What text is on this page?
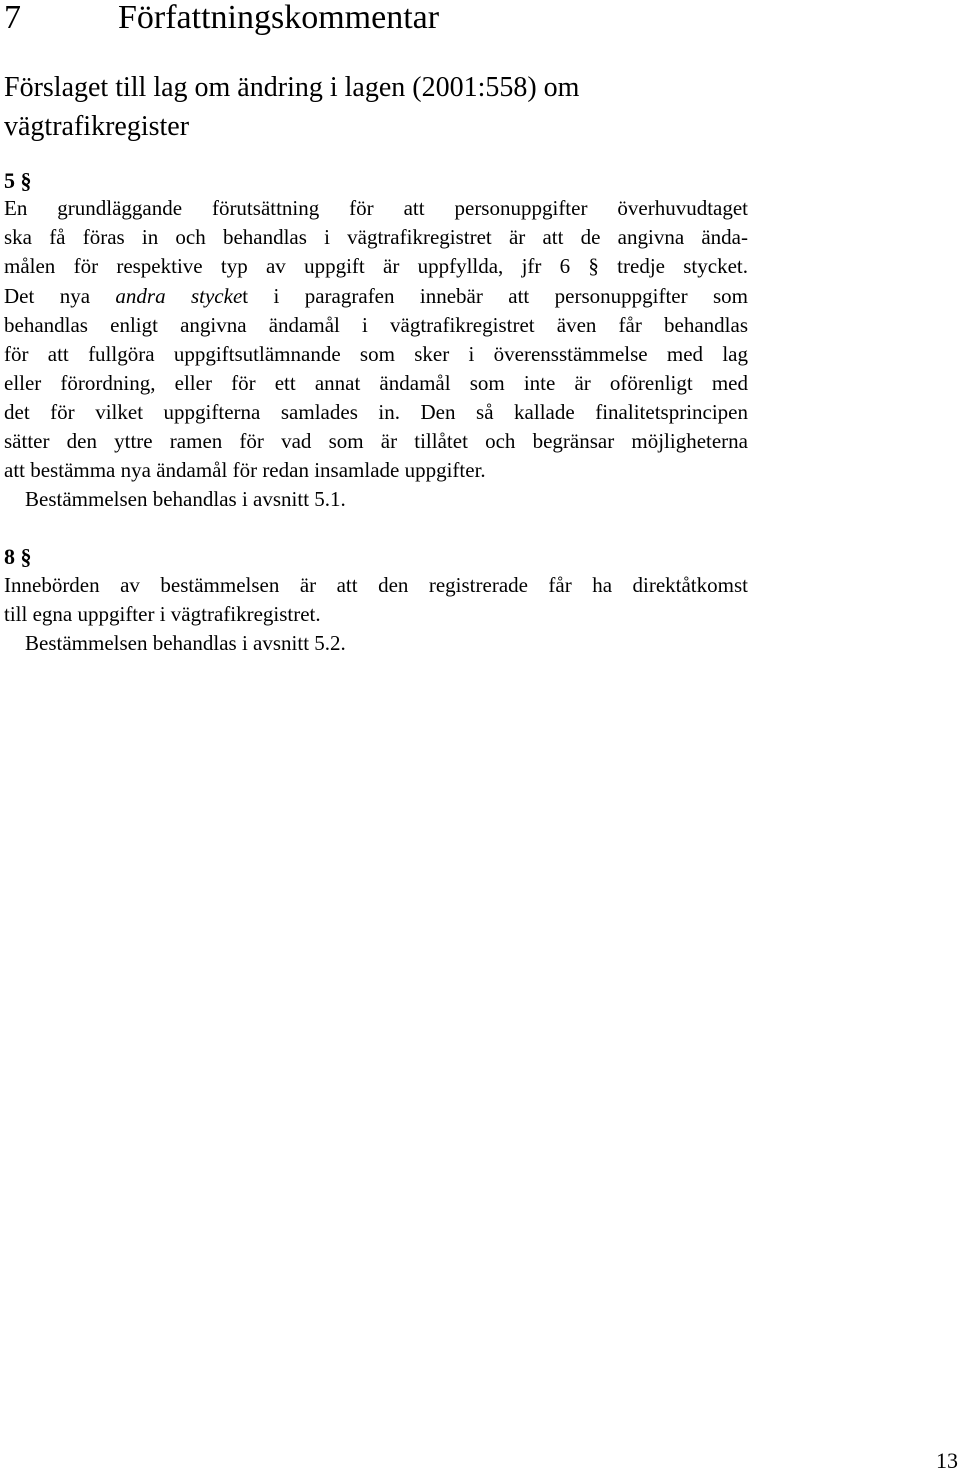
7	Författningskommentar
Förslaget till lag om ändring i lagen (2001:558) om
vägtrafikregister
5 §

En grundläggande förutsättning för att personuppgifter överhuvudtaget

ska få föras in och behandlas i vägtrafikregistret är att de angivna ända-

målen för respektive typ av uppgift är uppfyllda, jfr 6 § tredje stycket.

Det nya andra stycket i paragrafen innebär att personuppgifter som

behandlas enligt angivna ändamål i vägtrafikregistret även får behandlas

för att fullgöra uppgiftsutlämnande som sker i överensstämmelse med lag

eller förordning, eller för ett annat ändamål som inte är oförenligt med

det för vilket uppgifterna samlades in. Den så kallade finalitetsprincipen

sätter den yttre ramen för vad som är tillåtet och begränsar möjligheterna

att bestämma nya ändamål för redan insamlade uppgifter.

Bestämmelsen behandlas i avsnitt 5.1.

8 §

Innebörden av bestämmelsen är att den registrerade får ha direktåtkomst

till egna uppgifter i vägtrafikregistret.

Bestämmelsen behandlas i avsnitt 5.2.

13
